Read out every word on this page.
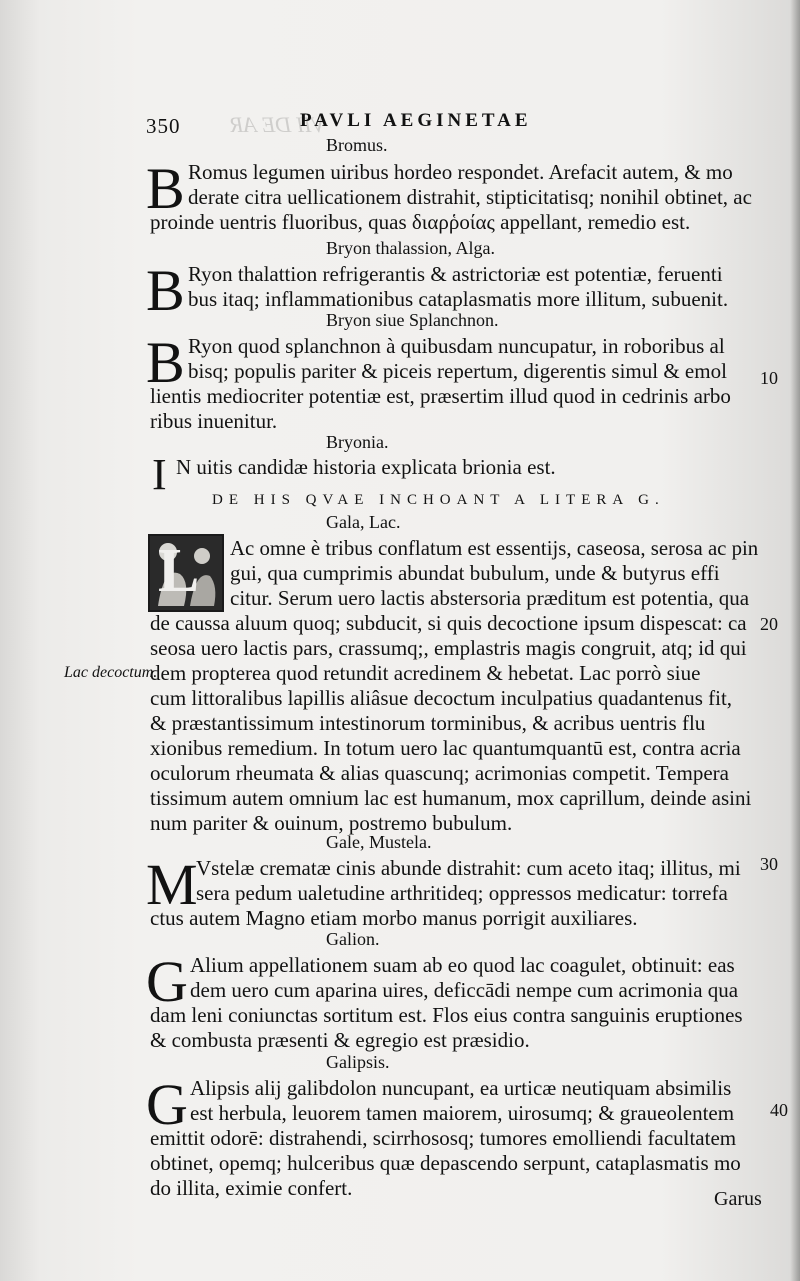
VII DE AR
350	PAVLI AEGINETAE
Bromus.
B Romus legumen uiribus hordeo respondet. Arefacit autem, & mo
derate citra uellicationem distrahit, stipticitatisq; nonihil obtinet, ac
proinde uentris fluoribus, quas διαρῥοίας appellant, remedio est.
Bryon thalassion, Alga.
B Ryon thalattion refrigerantis & astrictoriæ est potentiæ, feruenti
bus itaq; inflammationibus cataplasmatis more illitum, subuenit.
Bryon siue Splanchnon.
B Ryon quod splanchnon à quibusdam nuncupatur, in roboribus al
bisq; populis pariter & piceis repertum, digerentis simul & emol
lientis mediocriter potentiæ est, præsertim illud quod in cedrinis arbo
ribus inuenitur.
10
Bryonia.
I N uitis candidæ historia explicata brionia est.
DE HIS QVAE INCHOANT A LITERA G.
Gala, Lac.
L Ac omne è tribus conflatum est essentijs, caseosa, serosa ac pin
gui, qua cumprimis abundat bubulum, unde & butyrus effi
citur. Serum uero lactis abstersoria præditum est potentia, qua
de caussa aluum quoq; subducit, si quis decoctione ipsum dispescat: ca
seosa uero lactis pars, crassumq;, emplastris magis congruit, atq; id qui
dem propterea quod retundit acredinem & hebetat. Lac porrò siue
cum littoralibus lapillis aliâsue decoctum inculpatius quadantenus fit,
& præstantissimum intestinorum torminibus, & acribus uentris flu
xionibus remedium. In totum uero lac quantumquantū est, contra acria
oculorum rheumata & alias quascunq; acrimonias competit. Tempera
tissimum autem omnium lac est humanum, mox caprillum, deinde asini
num pariter & ouinum, postremo bubulum.
Lac decoctum.
20
Gale, Mustela.
M
Vstelæ crematæ cinis abunde distrahit: cum aceto itaq; illitus, mi
sera pedum ualetudine arthritideq; oppressos medicatur: torrefa
ctus autem Magno etiam morbo manus porrigit auxiliares.
30
Galion.
G Alium appellationem suam ab eo quod lac coagulet, obtinuit: eas
dem uero cum aparina uires, deficcādi nempe cum acrimonia qua
dam leni coniunctas sortitum est. Flos eius contra sanguinis eruptiones
& combusta præsenti & egregio est præsidio.
Galipsis.
G Alipsis alij galibdolon nuncupant, ea urticæ neutiquam absimilis
est herbula, leuorem tamen maiorem, uirosumq; & graueolentem
emittit odorē: distrahendi, scirrhososq; tumores emolliendi facultatem
obtinet, opemq; hulceribus quæ depascendo serpunt, cataplasmatis mo
do illita, eximie confert.
40
Garus
